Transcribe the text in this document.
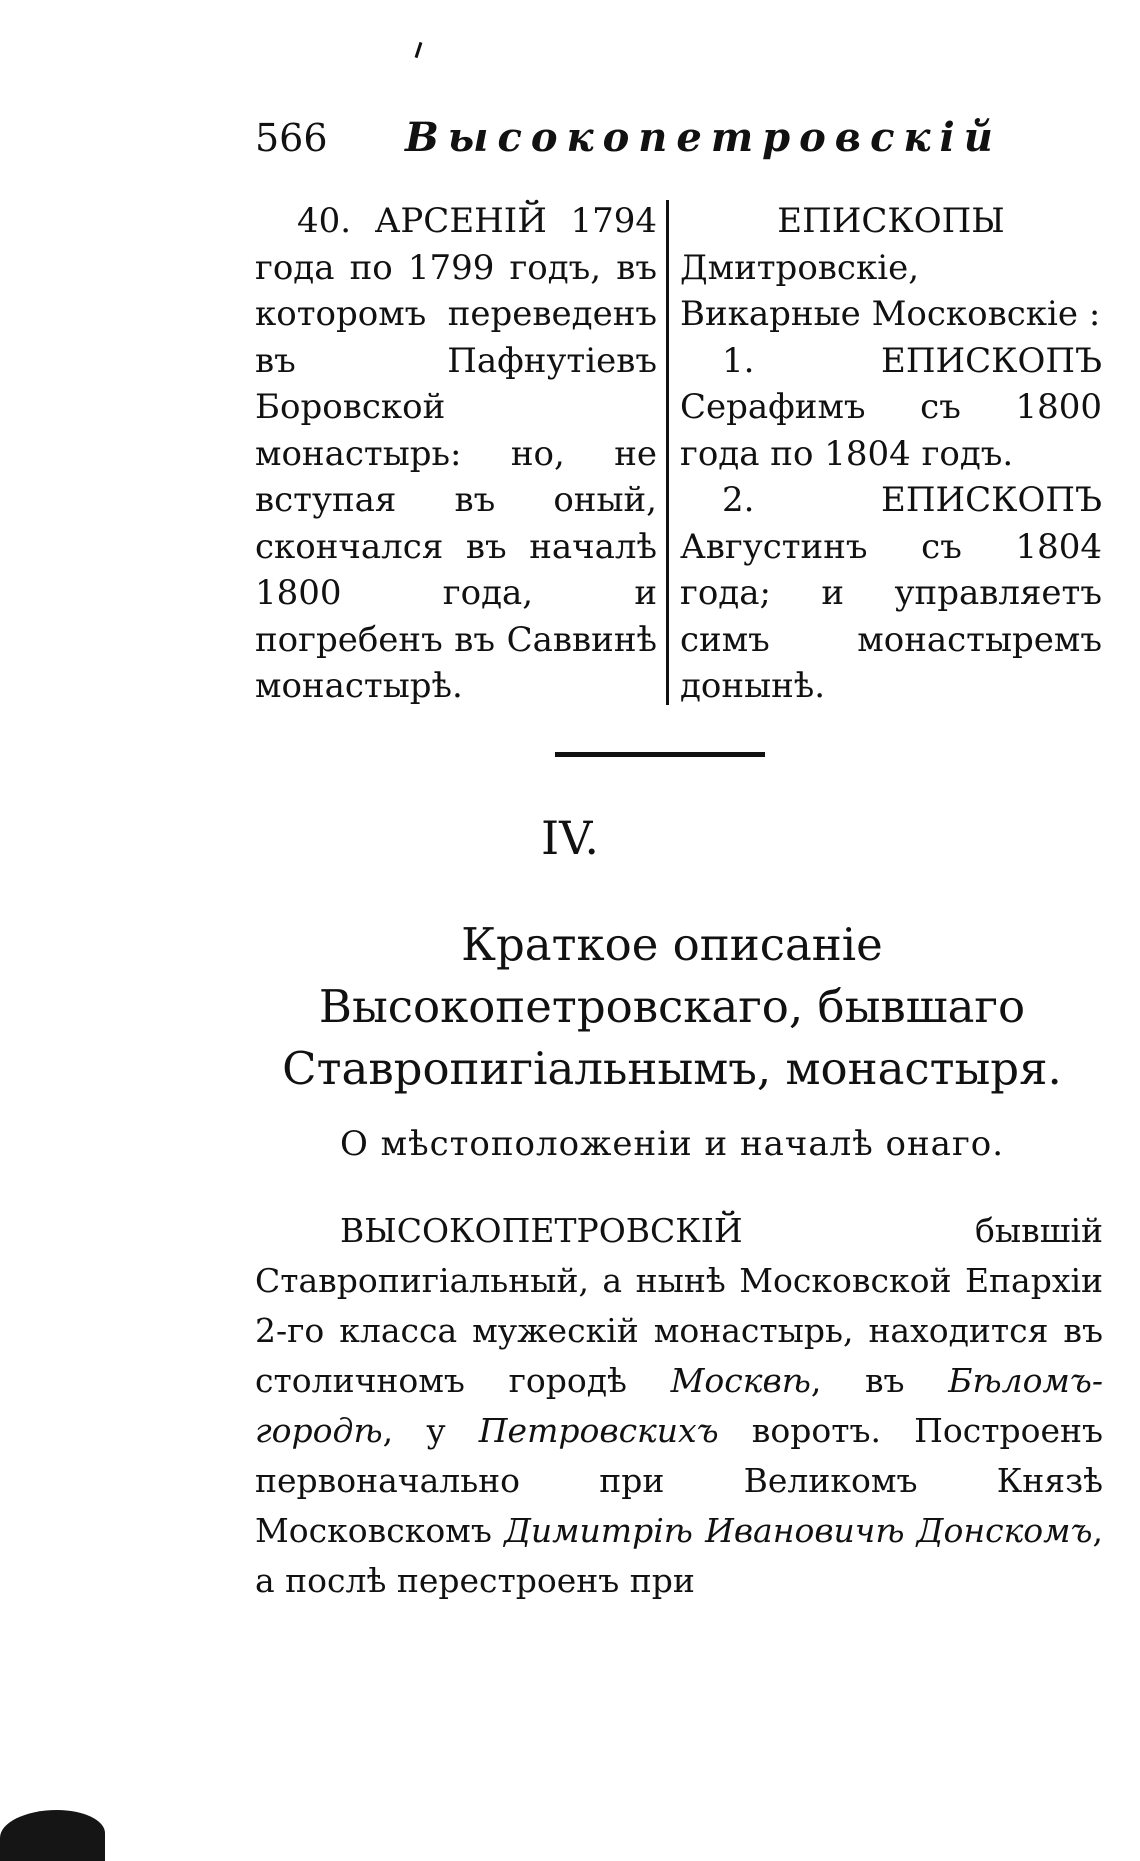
566 Высокопетровскій

40. АРСЕНІЙ 1794 года по 1799 годъ, въ которомъ переведенъ въ Пафнутіевъ Боровской монастырь: но, не вступая въ оный, скончался въ началѣ 1800 года, и погребенъ въ Саввинѣ монастырѣ.

ЕПИСКОПЫ

Дмитровскіе, Викарные Московскіе :

1. ЕПИСКОПЪ Серафимъ съ 1800 года по 1804 годъ.

2. ЕПИСКОПЪ Августинъ съ 1804 года; и управляетъ симъ монастыремъ донынѣ.

IV.
Краткое описаніе Высокопетровскаго, бывшаго Ставропигіальнымъ, монастыря.
О мѣстоположеніи и началѣ онаго.

ВЫСОКОПЕТРОВСКІЙ бывшій Ставропигіальный, а нынѣ Московской Епархіи 2-го класса мужескій монастырь, находится въ столичномъ городѣ Москвѣ, въ Бѣломъ-городѣ, у Петровскихъ воротъ. Построенъ первоначально при Великомъ Князѣ Московскомъ Димитріѣ Ивановичѣ Донскомъ, а послѣ перестроенъ при
